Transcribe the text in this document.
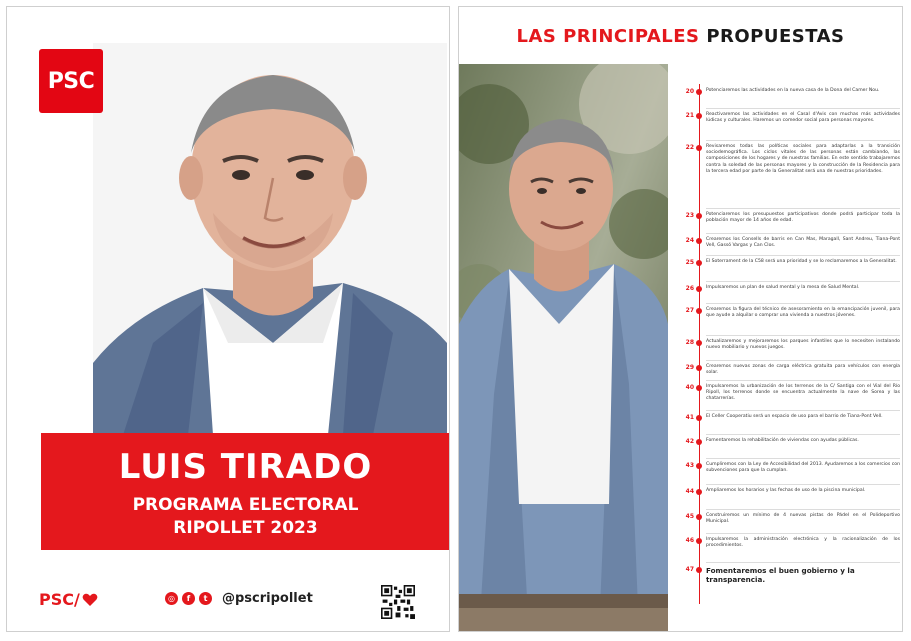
PSC
LUIS TIRADO
PROGRAMA ELECTORAL
RIPOLLET 2023
PSC/	◎	f	t	@pscripollet
LAS PRINCIPALES PROPUESTAS
20	Potenciaremos las actividades en la nueva casa de la Dona del Camer Nou.
21	Reactivaremos las actividades en el Casal d'Avis con muchas más actividades lúdicas y culturales. Haremos un comedor social para personas mayores.
22	Revisaremos todas las políticas sociales para adaptarlas a la transición sociodemográfica. Los ciclos vitales de las personas están cambiando, las composiciones de los hogares y de nuestras familias. En este sentido trabajaremos contra la soledad de las personas mayores y la construcción de la Residencia para la tercera edad por parte de la Generalitat será una de nuestras prioridades.
23	Potenciaremos los presupuestos participativos donde podrá participar toda la población mayor de 14 años de edad.
24	Crearemos los Consells de barris en Can Mas, Maragall, Sant Andreu, Tiana-Pont Vell, Gassó Vargas y Can Clos.
25	El Soterrament de la C58 será una prioridad y se lo reclamaremos a la Generalitat.
26	Impulsaremos un plan de salud mental y la mesa de Salud Mental.
27	Crearemos la figura del técnico de asesoramiento en la emancipación juvenil, para que ayude a alquilar o comprar una vivienda a nuestros jóvenes.
28	Actualizaremos y mejoraremos los parques infantiles que lo necesiten instalando nuevo mobiliario y nuevos juegos.
29	Crearemos nuevas zonas de carga eléctrica gratuita para vehículos con energía solar.
40	Impulsaremos la urbanización de los terrenos de la C/ Santiga con el Vial del Río Ripoll, los terrenos donde se encuentra actualmente la nave de Sorea y las chatarrerías.
41	El Celler Cooperatiu será un espacio de uso para el barrio de Tiana-Pont Vell.
42	Fomentaremos la rehabilitación de viviendas con ayudas públicas.
43	Cumpliremos con la Ley de Accesibilidad del 2013. Ayudaremos a los comercios con subvenciones para que la cumplan.
44	Ampliaremos los horarios y las fechas de uso de la piscina municipal.
45	Construiremos un mínimo de 4 nuevas pistas de Pádel en el Polideportivo Municipal.
46	Impulsaremos la administración electrónica y la racionalización de los procedimientos.
47 Fomentaremos el buen gobierno y la transparencia.
